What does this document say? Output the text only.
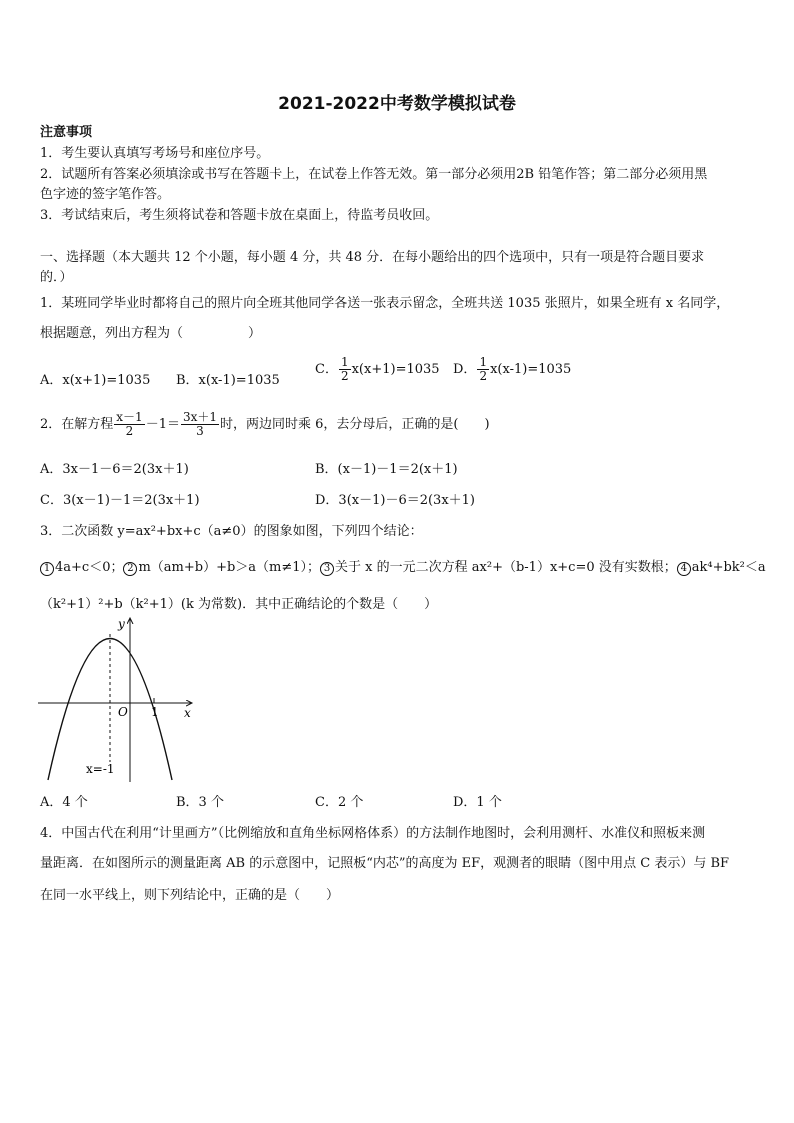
2021-2022中考数学模拟试卷
注意事项
1．考生要认真填写考场号和座位序号。
2．试题所有答案必须填涂或书写在答题卡上，在试卷上作答无效。第一部分必须用2B 铅笔作答；第二部分必须用黑
色字迹的签字笔作答。
3．考试结束后，考生须将试卷和答题卡放在桌面上，待监考员收回。
一、选择题（本大题共 12 个小题，每小题 4 分，共 48 分．在每小题给出的四个选项中，只有一项是符合题目要求
的．）
1．某班同学毕业时都将自己的照片向全班其他同学各送一张表示留念，全班共送 1035 张照片，如果全班有 x 名同学，
根据题意，列出方程为（　　　　　）
A．x(x+1)=1035 B．x(x-1)=1035
C． $\frac{1}{2} x(x+1)=1035$ D． $\frac{1}{2} x(x-1)=1035$
2．在解方程 $\frac{x-1}{2} -1= \frac{3x+1}{3}$ 时，两边同时乘 6，去分母后，正确的是(　　)
A．3x－1－6＝2(3x＋1)	B．(x－1)－1＝2(x＋1)
C．3(x－1)－1＝2(3x＋1)	D．3(x－1)－6＝2(3x＋1)
3．二次函数 y=ax²+bx+c（a≠0）的图象如图，下列四个结论：
1 4a+c＜0； 2 m（am+b）+b＞a（m≠1）； 3 关于 x 的一元二次方程 ax²+（b-1）x+c=0 没有实数根； 4 ak⁴+bk²＜a
（k²+1）²+b（k²+1）(k 为常数)．其中正确结论的个数是（　　）
y
x
O 1
x=-1
A．4 个	B．3 个	C．2 个	D．1 个
4．中国古代在利用“计里画方”（比例缩放和直角坐标网格体系）的方法制作地图时，会利用测杆、水准仪和照板来测
量距离．在如图所示的测量距离 AB 的示意图中，记照板“内芯”的高度为 EF，观测者的眼睛（图中用点 C 表示）与 BF
在同一水平线上，则下列结论中，正确的是（　　）
